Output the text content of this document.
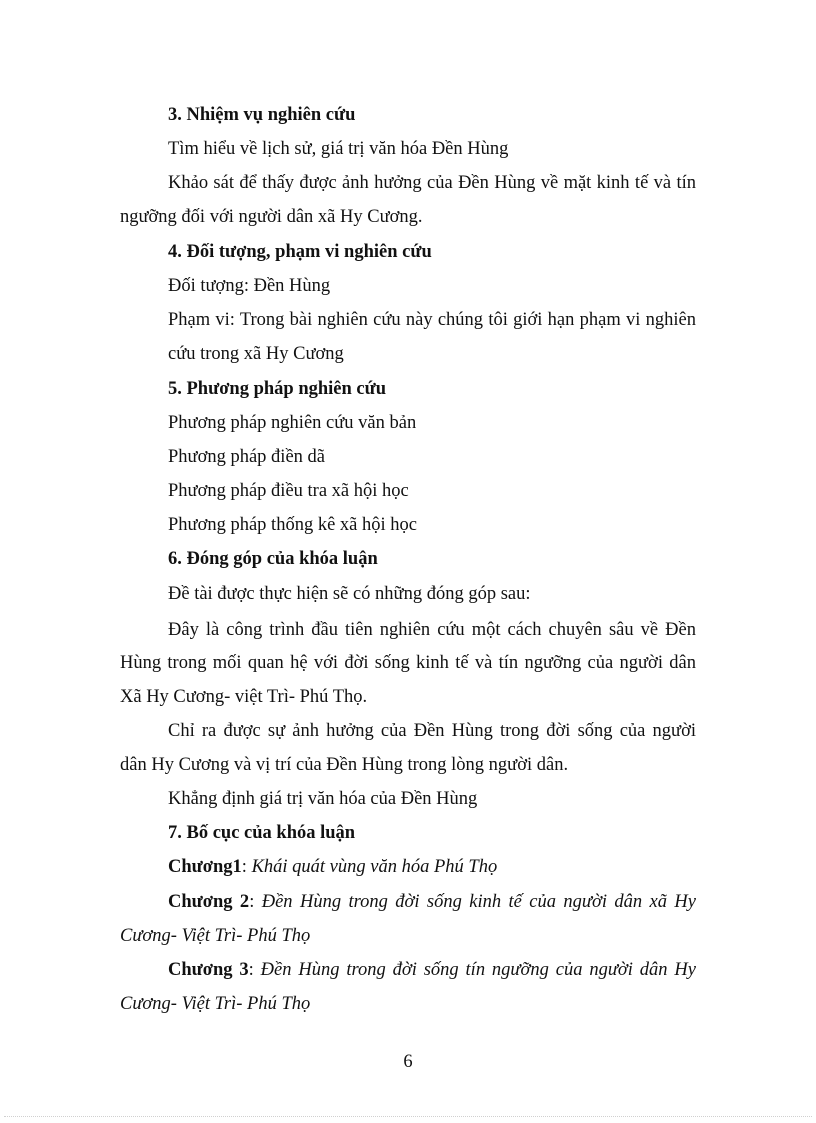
3. Nhiệm vụ nghiên cứu
Tìm hiểu về lịch sử, giá trị văn hóa Đền Hùng
Khảo sát để thấy được ảnh hưởng của Đền Hùng về mặt kinh tế và tín
ngưỡng đối với người dân xã Hy Cương.
4. Đối tượng, phạm vi nghiên cứu
Đối tượng: Đền Hùng
Phạm vi: Trong bài nghiên cứu này chúng tôi giới hạn phạm vi nghiên
cứu trong xã Hy Cương
5. Phương pháp nghiên cứu
Phương pháp nghiên cứu văn bản
Phương pháp điền dã
Phương pháp điều tra xã hội học
Phương pháp thống kê xã hội học
6. Đóng góp của khóa luận
Đề tài được thực hiện sẽ có những đóng góp sau:
Đây là công trình đầu tiên nghiên cứu một cách chuyên sâu về Đền
Hùng trong mối quan hệ với đời sống kinh tế và tín ngưỡng của người dân
Xã Hy Cương- việt Trì- Phú Thọ.
Chỉ ra được sự ảnh hưởng của Đền Hùng trong đời sống của người
dân Hy Cương và vị trí của Đền Hùng trong lòng người dân.
Khẳng định giá trị văn hóa của Đền Hùng
7. Bố cục của khóa luận
Chương1: Khái quát vùng văn hóa Phú Thọ
Chương 2: Đền Hùng trong đời sống kinh tế của người dân xã Hy
Cương- Việt Trì- Phú Thọ
Chương 3: Đền Hùng trong đời sống tín ngưỡng của người dân Hy
Cương- Việt Trì- Phú Thọ
6
